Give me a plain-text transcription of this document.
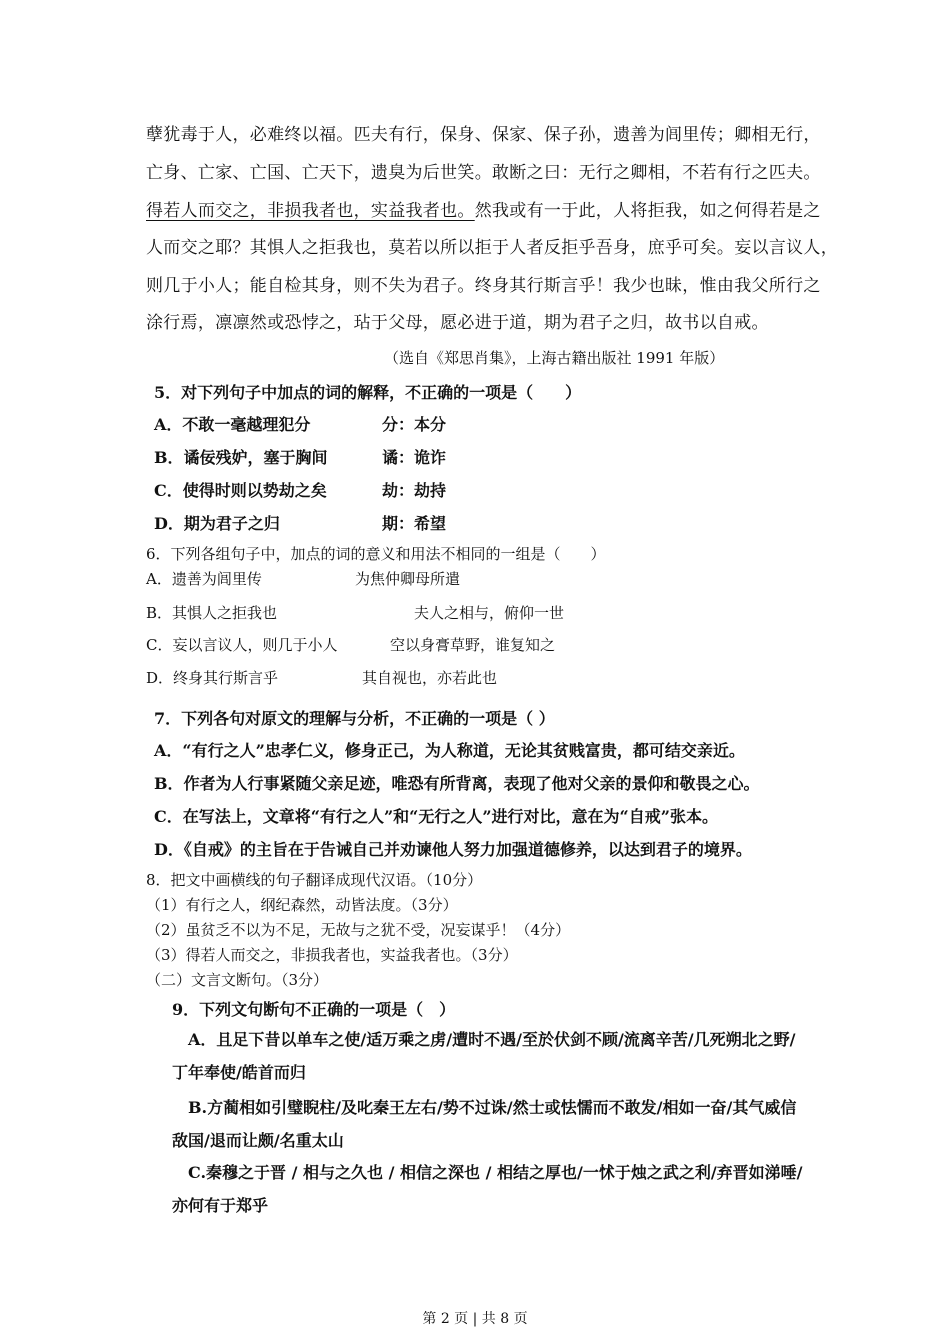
孽犹毒于人，必难终以福。匹夫有行，保身、保家、保子孙，遗善为闾里传；卿相无行，
亡身、亡家、亡国、亡天下，遗臭为后世笑。敢断之曰：无行之卿相，不若有行之匹夫。
得若人而交之，非损我者也，实益我者也。然我或有一于此，人将拒我，如之何得若是之
人而交之耶？其惧人之拒我也，莫若以所以拒于人者反拒乎吾身，庶乎可矣。妄以言议人，
则几于小人；能自检其身，则不失为君子。终身其行斯言乎！我少也昧，惟由我父所行之
涂行焉，凛凛然或恐悖之，玷于父母，愿必进于道，期为君子之归，故书以自戒。
（选自《郑思肖集》，上海古籍出版社 1991 年版）
5．对下列句子中加点的词的解释，不正确的一项是（　　）
A．不敢一毫越理犯分	分：本分
B．谲佞残妒，塞于胸间	谲：诡诈
C．使得时则以势劫之矣	劫：劫持
D．期为君子之归	期：希望
6．下列各组句子中，加点的词的意义和用法不相同的一组是（　　）
A．遗善为闾里传	为焦仲卿母所遣
B．其惧人之拒我也	夫人之相与，俯仰一世
C．妄以言议人，则几于小人	空以身膏草野，谁复知之
D．终身其行斯言乎	其自视也，亦若此也
7．下列各句对原文的理解与分析，不正确的一项是（ ）
A．“有行之人”忠孝仁义，修身正己，为人称道，无论其贫贱富贵，都可结交亲近。
B．作者为人行事紧随父亲足迹，唯恐有所背离，表现了他对父亲的景仰和敬畏之心。
C．在写法上，文章将“有行之人”和“无行之人”进行对比，意在为“自戒”张本。
D．《自戒》的主旨在于告诫自己并劝谏他人努力加强道德修养，以达到君子的境界。
8．把文中画横线的句子翻译成现代汉语。（10分）
（1）有行之人，纲纪森然，动皆法度。（3分）
（2）虽贫乏不以为不足，无故与之犹不受，况妄谋乎！（4分）
（3）得若人而交之，非损我者也，实益我者也。（3分）
（二）文言文断句。（3分）
9．下列文句断句不正确的一项是（　）
A．且足下昔以单车之使/适万乘之虏/遭时不遇/至於伏剑不顾/流离辛苦/几死朔北之野/
丁年奉使/皓首而归
B.方蔺相如引璧睨柱/及叱秦王左右/势不过诛/然士或怯懦而不敢发/相如一奋/其气威信
敌国/退而让颇/名重太山
C.秦穆之于晋 / 相与之久也 / 相信之深也 / 相结之厚也/一怵于烛之武之利/弃晋如涕唾/
亦何有于郑乎
第 2 页 | 共 8 页
